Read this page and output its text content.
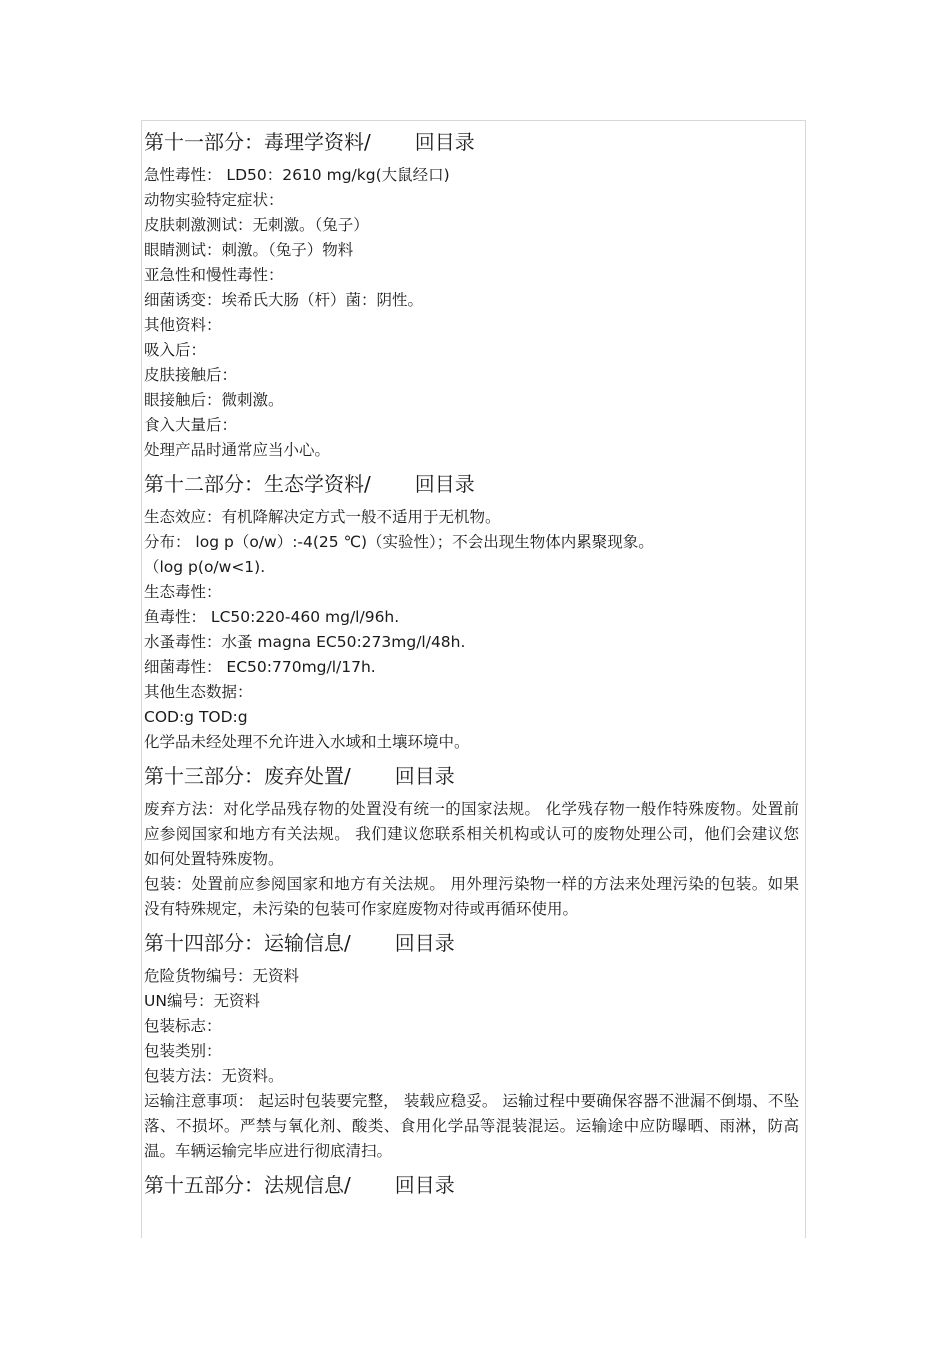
第十一部分：毒理学资料/ 回目录
急性毒性： LD50：2610 mg/kg(大鼠经口)
动物实验特定症状：
皮肤刺激测试：无刺激。（兔子）
眼睛测试：刺激。（兔子）物料
亚急性和慢性毒性：
细菌诱变：埃希氏大肠（杆）菌：阴性。
其他资料：
吸入后：
皮肤接触后：
眼接触后：微刺激。
食入大量后：
处理产品时通常应当小心。
第十二部分：生态学资料/ 回目录
生态效应：有机降解决定方式一般不适用于无机物。
分布： log p（o/w）:-4(25 ℃)（实验性）；不会出现生物体内累聚现象。
（log p(o/w<1).
生态毒性：
鱼毒性： LC50:220-460 mg/l/96h.
水蚤毒性：水蚤 magna EC50:273mg/l/48h.
细菌毒性： EC50:770mg/l/17h.
其他生态数据：
COD:g TOD:g
化学品未经处理不允许进入水域和土壤环境中。
第十三部分：废弃处置/ 回目录
废弃方法：对化学品残存物的处置没有统一的国家法规。 化学残存物一般作特殊废物。处置前应参阅国家和地方有关法规。 我们建议您联系相关机构或认可的废物处理公司，他们会建议您如何处置特殊废物。
包装：处置前应参阅国家和地方有关法规。 用外理污染物一样的方法来处理污染的包装。如果没有特殊规定，未污染的包装可作家庭废物对待或再循环使用。
第十四部分：运输信息/ 回目录
危险货物编号：无资料
UN编号：无资料
包装标志：
包装类别：
包装方法：无资料。
运输注意事项： 起运时包装要完整， 装载应稳妥。 运输过程中要确保容器不泄漏不倒塌、不坠落、不损坏。严禁与氧化剂、酸类、食用化学品等混装混运。运输途中应防曝晒、雨淋，防高温。车辆运输完毕应进行彻底清扫。
第十五部分：法规信息/ 回目录
